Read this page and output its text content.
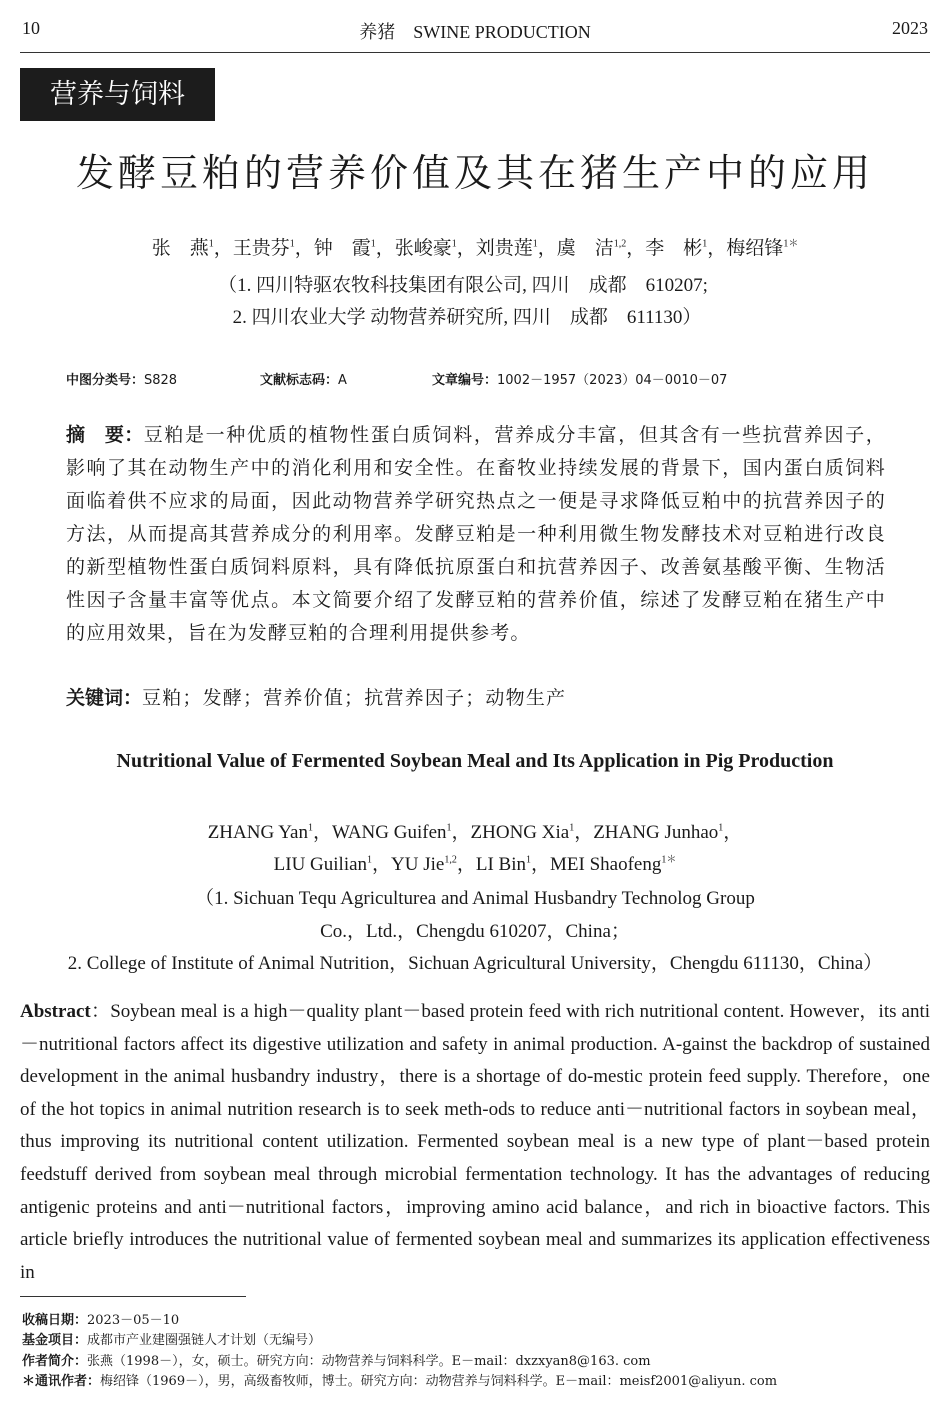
10	养猪　SWINE PRODUCTION	2023
营养与饲料
发酵豆粕的营养价值及其在猪生产中的应用
张　燕$^1$，王贵芬$^1$，钟　霞$^1$，张峻豪$^1$，刘贵莲$^1$，虞　洁$^{1,2}$，李　彬$^1$，梅绍锋$^{1*}$
（1. 四川特驱农牧科技集团有限公司, 四川　成都　610207;
2. 四川农业大学 动物营养研究所, 四川　成都　611130）
中图分类号：S828	文献标志码：A	文章编号：1002－1957（2023）04－0010－07
摘　要：豆粕是一种优质的植物性蛋白质饲料，营养成分丰富，但其含有一些抗营养因子，影响了其在动物生产中的消化利用和安全性。在畜牧业持续发展的背景下，国内蛋白质饲料面临着供不应求的局面，因此动物营养学研究热点之一便是寻求降低豆粕中的抗营养因子的方法，从而提高其营养成分的利用率。发酵豆粕是一种利用微生物发酵技术对豆粕进行改良的新型植物性蛋白质饲料原料，具有降低抗原蛋白和抗营养因子、改善氨基酸平衡、生物活性因子含量丰富等优点。本文简要介绍了发酵豆粕的营养价值，综述了发酵豆粕在猪生产中的应用效果，旨在为发酵豆粕的合理利用提供参考。
关键词：豆粕；发酵；营养价值；抗营养因子；动物生产
Nutritional Value of Fermented Soybean Meal and Its Application in Pig Production
ZHANG Yan$^1$，WANG Guifen$^1$，ZHONG Xia$^1$，ZHANG Junhao$^1$，
LIU Guilian$^1$，YU Jie$^{1,2}$，LI Bin$^1$，MEI Shaofeng$^{1*}$
（1. Sichuan Tequ Agriculturea and Animal Husbandry Technolog Group
Co.，Ltd.，Chengdu 610207，China；
2. College of Institute of Animal Nutrition，Sichuan Agricultural University，Chengdu 611130，China）
Abstract：Soybean meal is a high－quality plant－based protein feed with rich nutritional content. However，its anti－nutritional factors affect its digestive utilization and safety in animal production. A-gainst the backdrop of sustained development in the animal husbandry industry，there is a shortage of do-mestic protein feed supply. Therefore，one of the hot topics in animal nutrition research is to seek meth-ods to reduce anti－nutritional factors in soybean meal，thus improving its nutritional content utilization. Fermented soybean meal is a new type of plant－based protein feedstuff derived from soybean meal through microbial fermentation technology. It has the advantages of reducing antigenic proteins and anti－nutritional factors，improving amino acid balance，and rich in bioactive factors. This article briefly introduces the nutritional value of fermented soybean meal and summarizes its application effectiveness in
收稿日期：2023－05－10
基金项目：成都市产业建圈强链人才计划（无编号）
作者简介：张燕（1998－），女，硕士。研究方向：动物营养与饲料科学。E－mail：dxzxyan8@163. com
＊通讯作者：梅绍锋（1969－），男，高级畜牧师，博士。研究方向：动物营养与饲料科学。E－mail：meisf2001@aliyun. com
